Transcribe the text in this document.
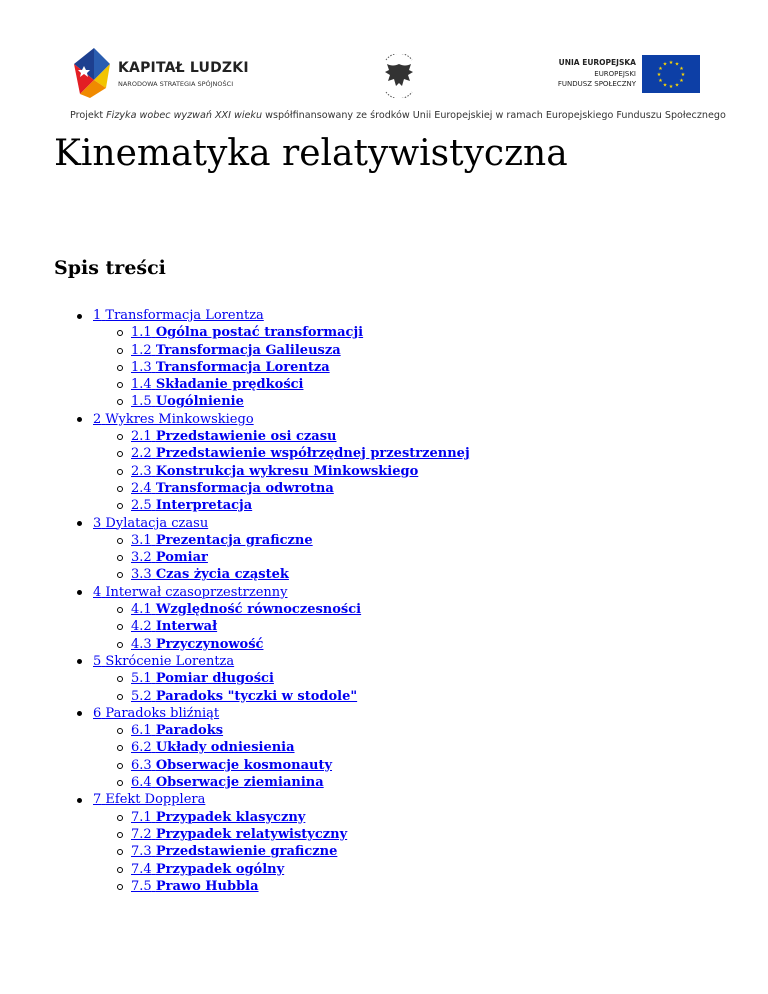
KAPITAŁ LUDZKI
NARODOWA STRATEGIA SPÓJNOŚCI
UNIA EUROPEJSKA
EUROPEJSKI
FUNDUSZ SPOŁECZNY
★ ★
★
★
★
★
★
★
★
★
★
★
Projekt Fizyka wobec wyzwań XXI wieku współfinansowany ze środków Unii Europejskiej w ramach Europejskiego Funduszu Społecznego
Kinematyka relatywistyczna
Spis treści
1 Transformacja Lorentza
1.1 Ogólna postać transformacji
1.2 Transformacja Galileusza
1.3 Transformacja Lorentza
1.4 Składanie prędkości
1.5 Uogólnienie
2 Wykres Minkowskiego
2.1 Przedstawienie osi czasu
2.2 Przedstawienie współrzędnej przestrzennej
2.3 Konstrukcja wykresu Minkowskiego
2.4 Transformacja odwrotna
2.5 Interpretacja
3 Dylatacja czasu
3.1 Prezentacja graficzne
3.2 Pomiar
3.3 Czas życia cząstek
4 Interwał czasoprzestrzenny
4.1 Względność równoczesności
4.2 Interwał
4.3 Przyczynowość
5 Skrócenie Lorentza
5.1 Pomiar długości
5.2 Paradoks "tyczki w stodole"
6 Paradoks bliźniąt
6.1 Paradoks
6.2 Układy odniesienia
6.3 Obserwacje kosmonauty
6.4 Obserwacje ziemianina
7 Efekt Dopplera
7.1 Przypadek klasyczny
7.2 Przypadek relatywistyczny
7.3 Przedstawienie graficzne
7.4 Przypadek ogólny
7.5 Prawo Hubbla
